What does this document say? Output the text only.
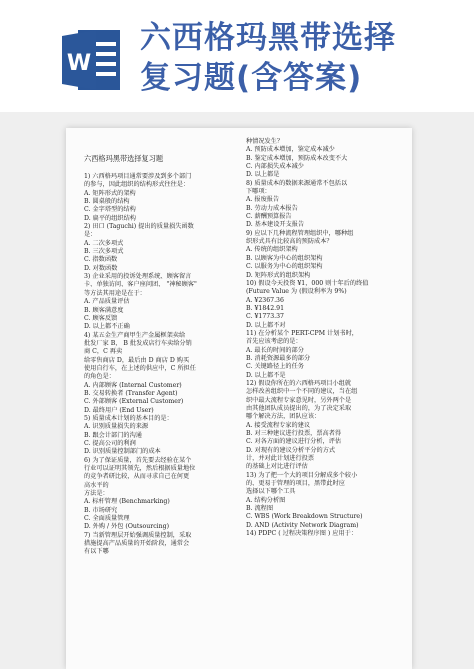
W
六西格玛黑带选择
复习题(含答案)
六西格玛黑带选择复习题
1) 六西格玛项目通常要涉及到多个部门
的参与，因此组织的结构形式往往是：
A. 矩阵形式的架构
B. 圆桌般的结构
C. 金字塔型的结构
D. 扁平的组织结构
2) 田口 (Taguchi) 提出的质量损失函数
是：
A. 二次多项式
B. 三次多项式
C. 指数函数
D. 对数函数
3) 企业采用的投诉处理系统、顾客留言
卡、单独访问、客户座问团、 "神秘顾客"
等方法其用途是在于：
A. 产品质量评估
B. 顾客满意度
C. 顾客反馈
D. 以上都不正确
4) 某五金生产商甲生产金属框架卖给
批发厂家 B， B 批发成店行车卖给分销
商 C，C 再卖
给零售商店 D，最后由 D 商店 D 购买
使用自行车，在上述的供应中，C 所担任
的角色是：
A. 内部顾客 (Internal Customer)
B. 交易转换者 (Transfer Agent)
C. 外部顾客 (External Customer)
D. 最终用户 (End User)
5) 质量成本计划的基本目的是：
A. 识别质量损失的来源
B. 跟会计部门的沟通
C. 提高公司的利润
D. 识别质量控制部门的成本
6) 为了保证质量，首先要去经验在某个
行业可以证明其领先，然后根据质量地位
的竞争者研比较，从而寻求自己在何更
高水平的
方法是：
A. 标杆管理 (Benchmarking)
B. 市场研究
C. 全面质量管理
D. 外购 / 外包 (Outsourcing)
7) 当新管理层开始强调质量控制，采取
措施提高产品质量的开始阶段，通常会
有以下哪
种情况发生？
A. 预防成本增加，鉴定成本减少
B. 鉴定成本增加，预防成本改变不大
C. 内部损失成本减少
D. 以上都是
8) 质量成本的数据来源通常不包括以
下哪项：
A. 报废报告
B. 劳动力成本报告
C. 薪酬预算报告
D. 基本建设开支报告
9) 应以下几种流程管理组织中，哪种组
织形式具有比较高的预防成本？
A. 传统的组织架构
B. 以顾客为中心的组织架构
C. 以服务为中心的组织架构
D. 矩阵形式的组织架构
10) 假设今天投资 ¥1，000 则十年后的终值
(Future Value 为 (假设利率为 9%)
A. ¥2367.36
B. ¥1842.91
C. ¥1773.37
D. 以上都不对
11) 在分析某个 PERT-CPM 计划书时，
首先应该考虑的是：
A. 最长的时间的部分
B. 消耗资源最多的部分
C. 关键路径上的任务
D. 以上都不是
12) 假设你所在的六西格玛项目小组就
怎样改善组织中一个不同的建议，当在组
织中最大流程专家意见时，另外两个是
由其他团队成员提出的，为了决定采取
哪个解决方法，团队应该：
A. 接受流程专家的建议
B. 对三种建议进行投票，票高者得
C. 对各方面的建议进行分析，评估
D. 对现有的建议分析平分的方式
计，并对此计划进行投票
的基础上对比进行评估
13) 为了把一个大的项目分解成多个较小
的、更易于管理的项目，黑带此时应
选择以下哪个工具
A. 结构分析图
B. 流程图
C. WBS (Work Breakdown Structure)
D. AND (Activity Network Diagram)
14) PDPC ( 过程决策程序图 ) 应用于：
